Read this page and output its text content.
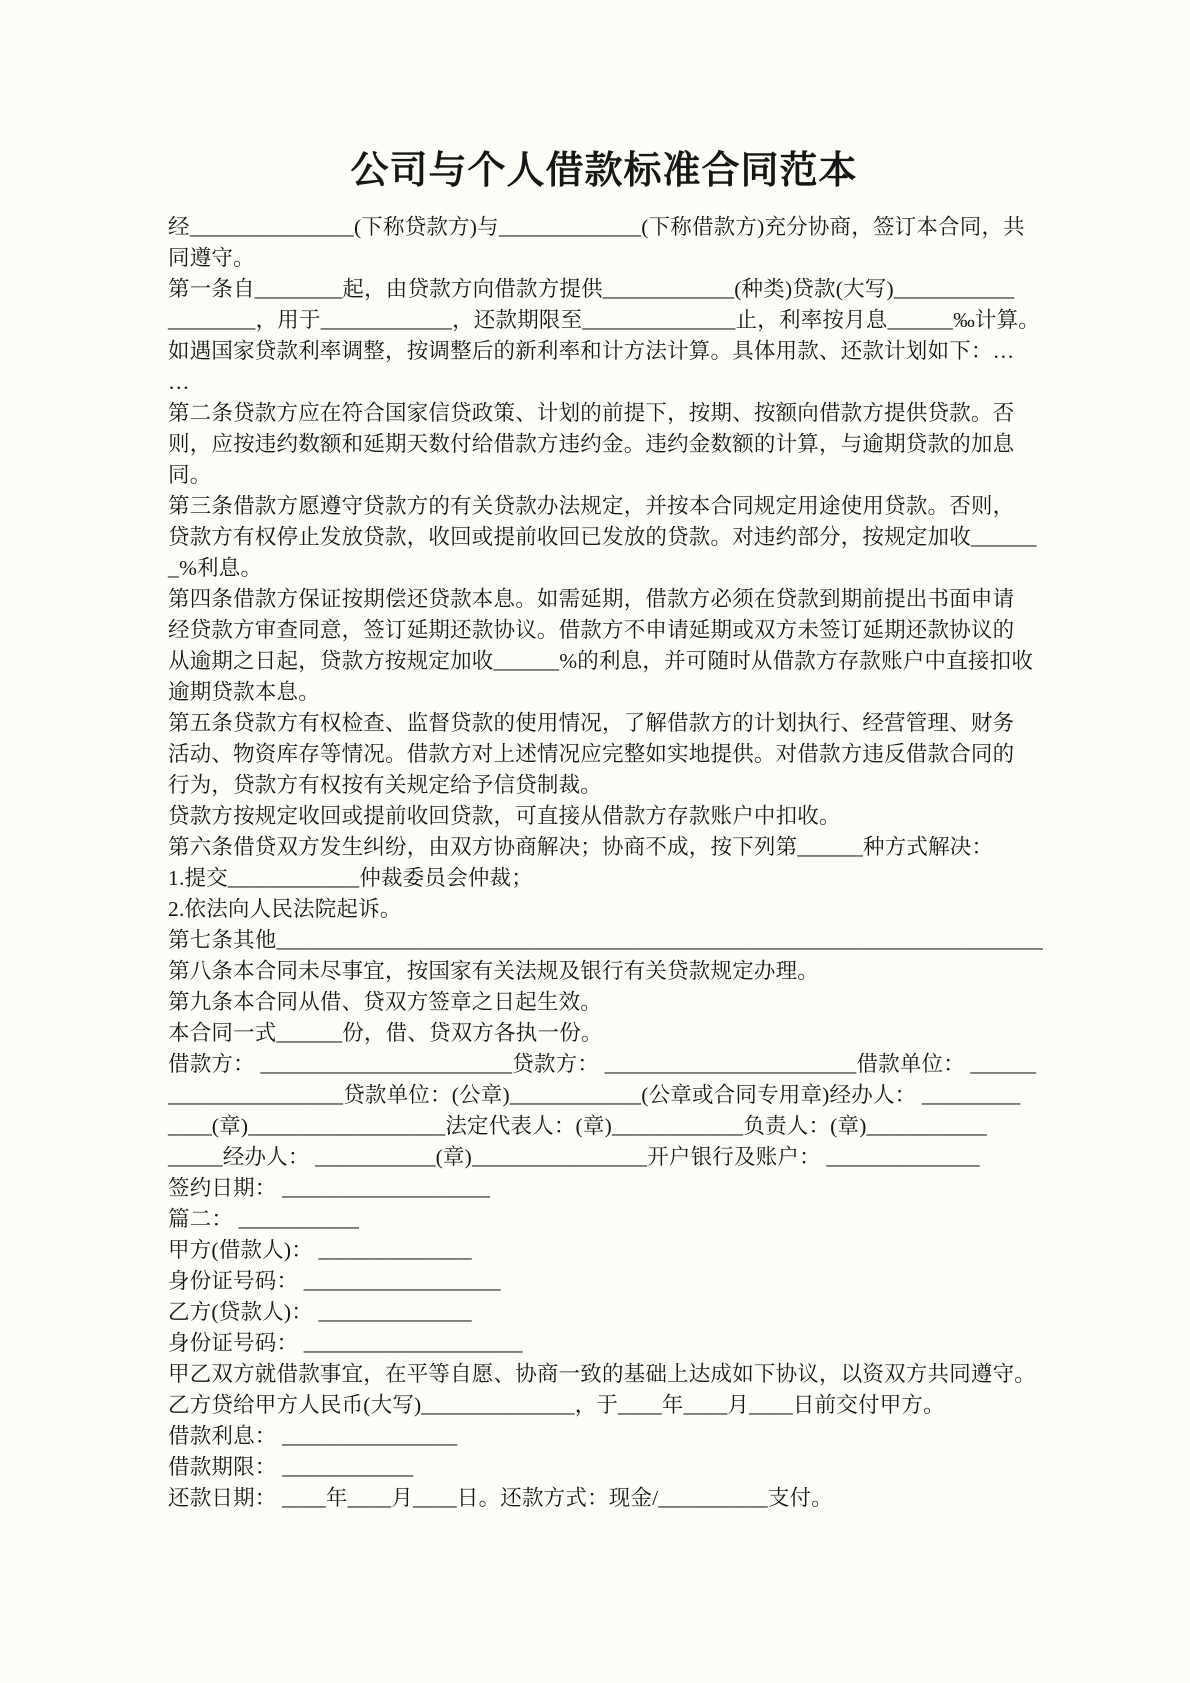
公司与个人借款标准合同范本
经_______________(下称贷款方)与_____________(下称借款方)充分协商，签订本合同，共
同遵守。
第一条自________起，由贷款方向借款方提供____________(种类)贷款(大写)___________
________，用于____________，还款期限至______________止，利率按月息______‰计算。
如遇国家贷款利率调整，按调整后的新利率和计方法计算。具体用款、还款计划如下：…
…
第二条贷款方应在符合国家信贷政策、计划的前提下，按期、按额向借款方提供贷款。否
则，应按违约数额和延期天数付给借款方违约金。违约金数额的计算，与逾期贷款的加息
同。
第三条借款方愿遵守贷款方的有关贷款办法规定，并按本合同规定用途使用贷款。否则，
贷款方有权停止发放贷款，收回或提前收回已发放的贷款。对违约部分，按规定加收______
_%利息。
第四条借款方保证按期偿还贷款本息。如需延期，借款方必须在贷款到期前提出书面申请
经贷款方审查同意，签订延期还款协议。借款方不申请延期或双方未签订延期还款协议的
从逾期之日起，贷款方按规定加收______%的利息，并可随时从借款方存款账户中直接扣收
逾期贷款本息。
第五条贷款方有权检查、监督贷款的使用情况，了解借款方的计划执行、经营管理、财务
活动、物资库存等情况。借款方对上述情况应完整如实地提供。对借款方违反借款合同的
行为，贷款方有权按有关规定给予信贷制裁。
贷款方按规定收回或提前收回贷款，可直接从借款方存款账户中扣收。
第六条借贷双方发生纠纷，由双方协商解决；协商不成，按下列第______种方式解决：
1.提交____________仲裁委员会仲裁；
2.依法向人民法院起诉。
第七条其他______________________________________________________________________
第八条本合同未尽事宜，按国家有关法规及银行有关贷款规定办理。
第九条本合同从借、贷双方签章之日起生效。
本合同一式______份，借、贷双方各执一份。
借款方： _______________________贷款方： _______________________借款单位： ______
________________贷款单位：(公章)____________(公章或合同专用章)经办人： _________
____(章)__________________法定代表人：(章)____________负责人：(章)___________
_____经办人： ___________(章)________________开户银行及账户： ______________
签约日期： ___________________
篇二： ___________
甲方(借款人)： ______________
身份证号码： __________________
乙方(贷款人)： ______________
身份证号码： ____________________
甲乙双方就借款事宜，在平等自愿、协商一致的基础上达成如下协议，以资双方共同遵守。
乙方贷给甲方人民币(大写)______________，于____年____月____日前交付甲方。
借款利息： ________________
借款期限： ____________
还款日期： ____年____月____日。还款方式：现金/__________支付。
